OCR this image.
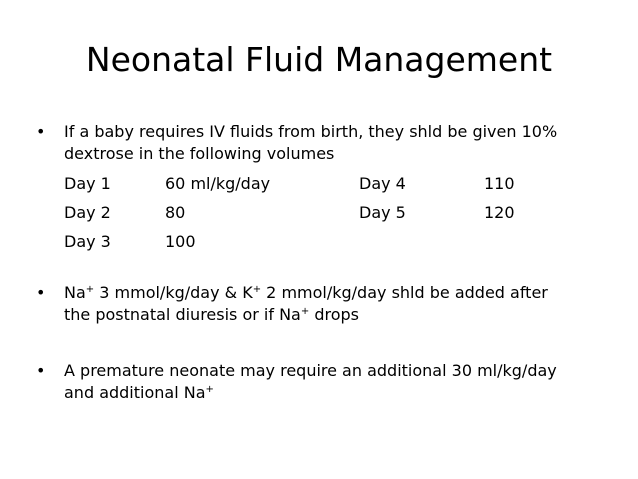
Neonatal Fluid Management
•	If a baby requires IV fluids from birth, they shld be given 10%
dextrose in the following volumes
Day 1	60 ml/kg/day	Day 4	110
Day 2	80	Day 5	120
Day 3	100		
•	Na+ 3 mmol/kg/day & K+ 2 mmol/kg/day shld be added after
the postnatal diuresis or if Na+ drops
•	A premature neonate may require an additional 30 ml/kg/day
and additional Na+
